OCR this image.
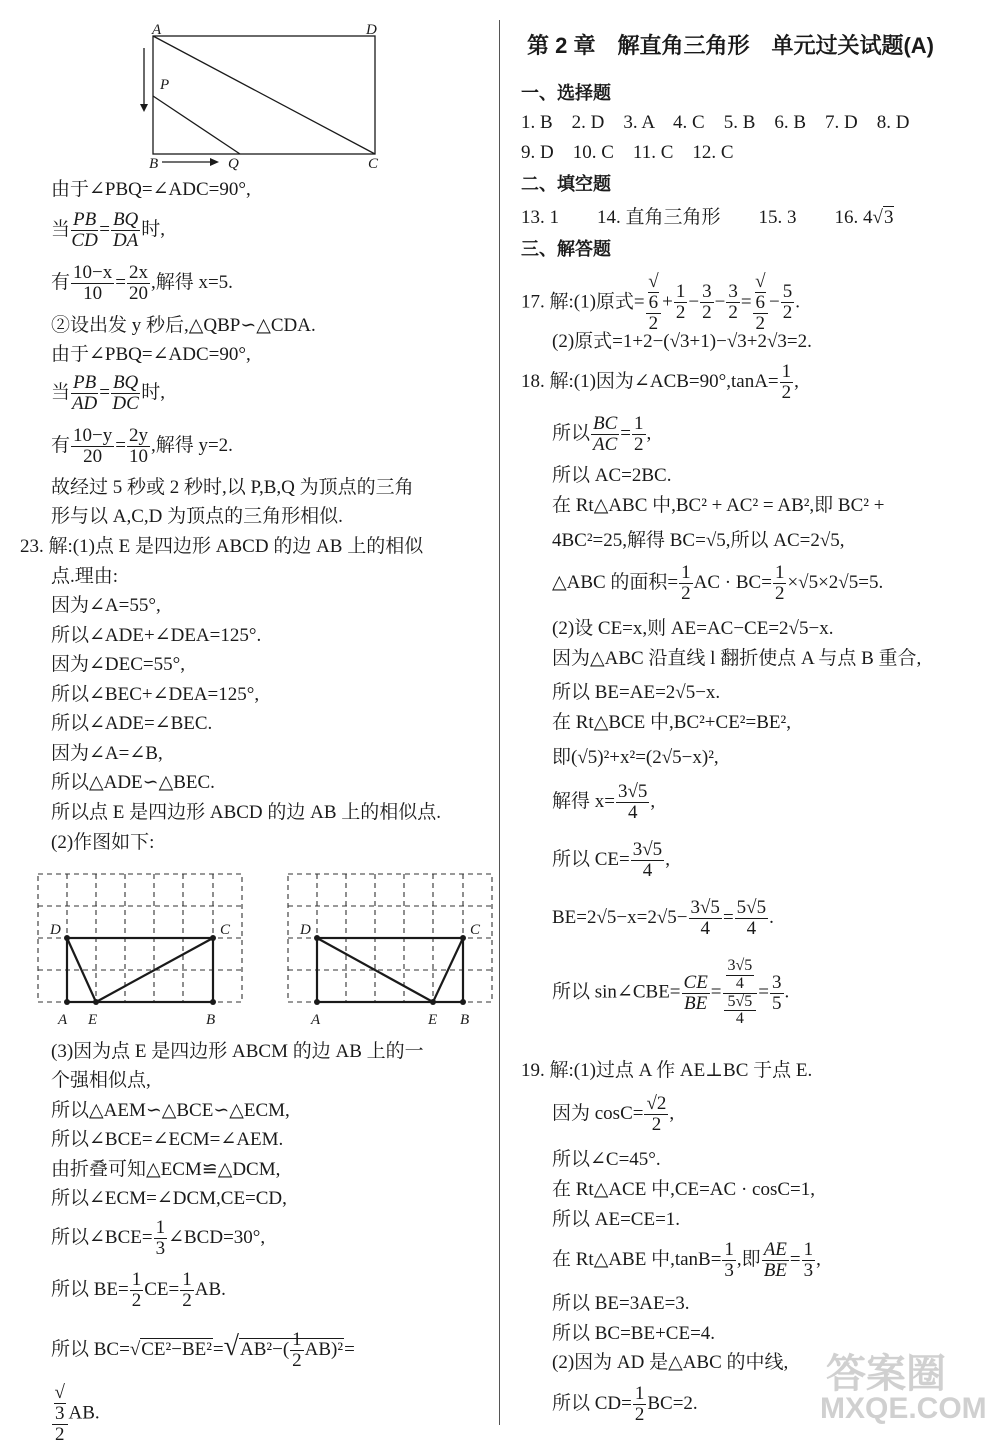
A	D
P
B	Q	C
由于∠PBQ=∠ADC=90°,
当 $\frac{PB}{CD} = \frac{BQ}{DA}$ 时,
有 $\frac{10-x}{10} = \frac{2x}{20}$ ,解得 x=5.
②设出发 y 秒后,△QBP∽△CDA.
由于∠PBQ=∠ADC=90°,
当 $\frac{PB}{AD} = \frac{BQ}{DC}$ 时,
有 $\frac{10-y}{20} = \frac{2y}{10}$ ,解得 y=2.
故经过 5 秒或 2 秒时,以 P,B,Q 为顶点的三角
形与以 A,C,D 为顶点的三角形相似.
23. 解:(1)点 E 是四边形 ABCD 的边 AB 上的相似
点.理由:
因为∠A=55°,
所以∠ADE+∠DEA=125°.
因为∠DEC=55°,
所以∠BEC+∠DEA=125°,
所以∠ADE=∠BEC.
因为∠A=∠B,
所以△ADE∽△BEC.
所以点 E 是四边形 ABCD 的边 AB 上的相似点.
(2)作图如下:
D	C
A E	B
D	C
A	E B
(3)因为点 E 是四边形 ABCM 的边 AB 上的一
个强相似点,
所以△AEM∽△BCE∽△ECM,
所以∠BCE=∠ECM=∠AEM.
由折叠可知△ECM≌△DCM,
所以∠ECM=∠DCM,CE=CD,
所以∠BCE= $\frac{1}{3}$ ∠BCD=30°,
所以 $BE= \frac{1}{2} CE= \frac{1}{2}$ AB.
所以 $BC=√CE^2-BE^2=√AB^2-( \frac{1}{2} AB)^2=$
√
3
2 AB.
第 2 章　解直角三角形　单元过关试题(A)
一、选择题
1. B　2. D　3. A　4. C　5. B　6. B　7. D　8. D
9. D　10. C　11. C　12. C
二、填空题
13. 1　　14. 直角三角形　　15. 3　　16. 4√3
三、解答题
17. 解:(1)原式= √
6
$2 + \frac{1}{2} - \frac{3}{2} - \frac{3}{2}$ = √
6
$2 - \frac{5}{2}$ .
(2)原式=1+2−(√3+1)−√3+2√3=2.
18. 解:(1)因为∠ACB=90°,tanA= $\frac{1}{2}$ ,
所以 $\frac{BC}{AC} = \frac{1}{2}$ ,
所以 AC=2BC.
在 Rt△ABC 中,BC² + AC² = AB²,即 BC² +
4BC²=25,解得 BC=√5,所以 AC=2√5,
△ABC 的面积= $\frac{1}{2}$ AC · $BC= \frac{1}{2} \times√5\times 2√5=5$.
(2)设 CE=x,则 AE=AC−CE=2√5−x.
因为△ABC 沿直线 l 翻折使点 A 与点 B 重合,
所以 BE=AE=2√5−x.
在 Rt△BCE 中,BC²+CE²=BE²,
即(√5)²+x²=(2√5−x)²,
解得 $x= \frac{3√5}{4}$ ,
所以 $CE= \frac{3√5}{4}$ ,
$BE=2√5-x=2√5- \frac{3√5}{4} = \frac{5√5}{4}$ .
所以 sin∠CBE= $\frac{CE}{BE} = 3√5$
4
5√5
$4 = \frac{3}{5}$ .
19. 解:(1)过点 A 作 AE⊥BC 于点 E.
因为 $\cos C= \frac{√2}{2}$ ,
所以∠C=45°.
在 Rt△ACE 中,CE=AC · cosC=1,
所以 AE=CE=1.
在 Rt△ABE 中$,\tan B= \frac{1}{3}$ ,即 $\frac{AE}{BE} = \frac{1}{3}$ ,
所以 BE=3AE=3.
所以 BC=BE+CE=4.
(2)因为 AD 是△ABC 的中线,
所以 $CD= \frac{1}{2} BC=2$.
答案圈
MXQE.COM
